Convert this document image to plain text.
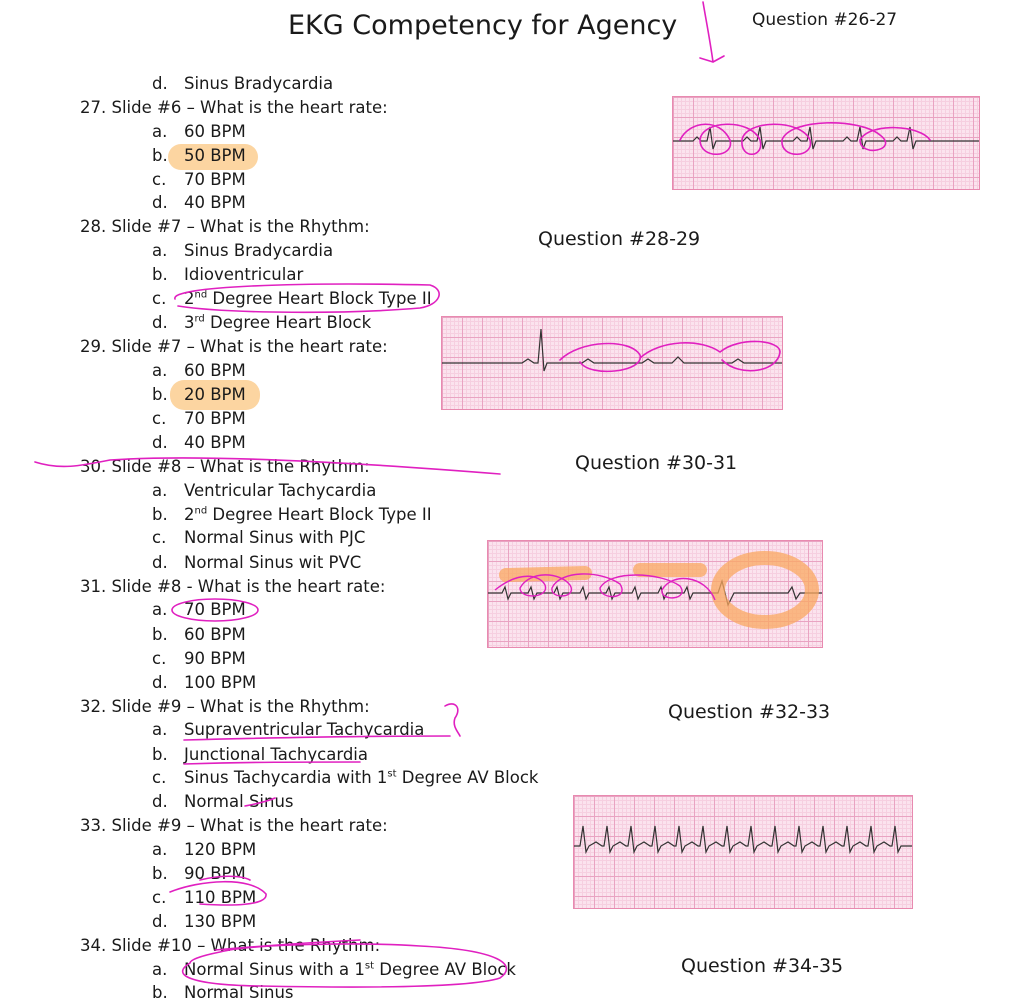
EKG Competency for Agency	Question #26-27
Question #28-29
Question #30-31
Question #32-33
Question #34-35
d. Sinus Bradycardia
27. Slide #6 – What is the heart rate:
a. 60 BPM
b. 50 BPM
c. 70 BPM
d. 40 BPM
28. Slide #7 – What is the Rhythm:
a. Sinus Bradycardia
b. Idioventricular
c. 2nd Degree Heart Block Type II
d. 3rd Degree Heart Block
29. Slide #7 – What is the heart rate:
a. 60 BPM
b. 20 BPM
c. 70 BPM
d. 40 BPM
30. Slide #8 – What is the Rhythm:
a. Ventricular Tachycardia
b. 2nd Degree Heart Block Type II
c. Normal Sinus with PJC
d. Normal Sinus wit PVC
31. Slide #8 - What is the heart rate:
a. 70 BPM
b. 60 BPM
c. 90 BPM
d. 100 BPM
32. Slide #9 – What is the Rhythm:
a. Supraventricular Tachycardia
b. Junctional Tachycardia
c. Sinus Tachycardia with 1st Degree AV Block
d. Normal Sinus
33. Slide #9 – What is the heart rate:
a. 120 BPM
b. 90 BPM
c. 110 BPM
d. 130 BPM
34. Slide #10 – What is the Rhythm:
a. Normal Sinus with a 1st Degree AV Block
b. Normal Sinus
